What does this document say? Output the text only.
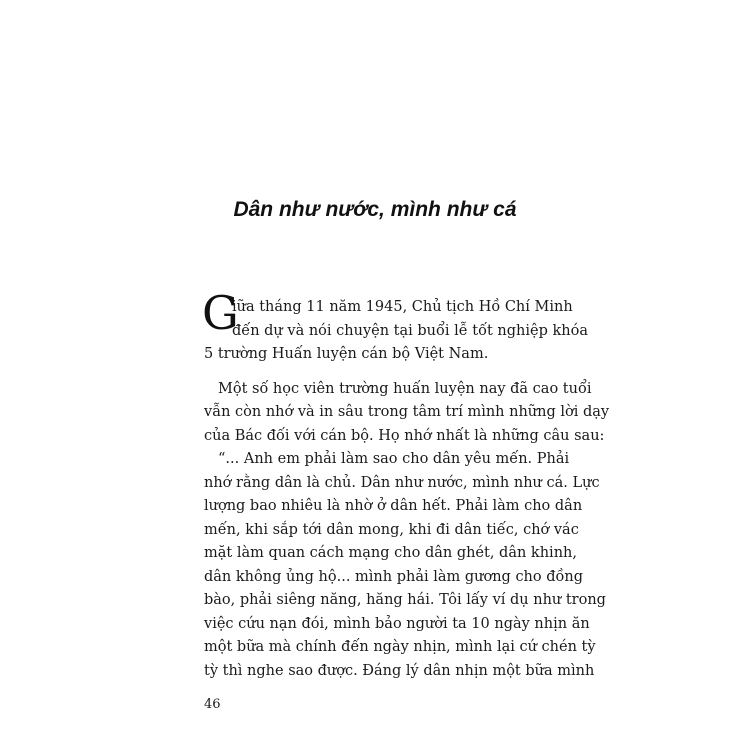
Dân như nước, mình như cá
G
iữa tháng 11 năm 1945, Chủ tịch Hồ Chí Minh
đến dự và nói chuyện tại buổi lễ tốt nghiệp khóa
5 trường Huấn luyện cán bộ Việt Nam.
Một số học viên trường huấn luyện nay đã cao tuổi
vẫn còn nhớ và in sâu trong tâm trí mình những lời dạy
của Bác đối với cán bộ. Họ nhớ nhất là những câu sau:
“... Anh em phải làm sao cho dân yêu mến. Phải
nhớ rằng dân là chủ. Dân như nước, mình như cá. Lực
lượng bao nhiêu là nhờ ở dân hết. Phải làm cho dân
mến, khi sắp tới dân mong, khi đi dân tiếc, chớ vác
mặt làm quan cách mạng cho dân ghét, dân khinh,
dân không ủng hộ... mình phải làm gương cho đồng
bào, phải siêng năng, hăng hái. Tôi lấy ví dụ như trong
việc cứu nạn đói, mình bảo người ta 10 ngày nhịn ăn
một bữa mà chính đến ngày nhịn, mình lại cứ chén tỳ
tỳ thì nghe sao được. Đáng lý dân nhịn một bữa mình
46
